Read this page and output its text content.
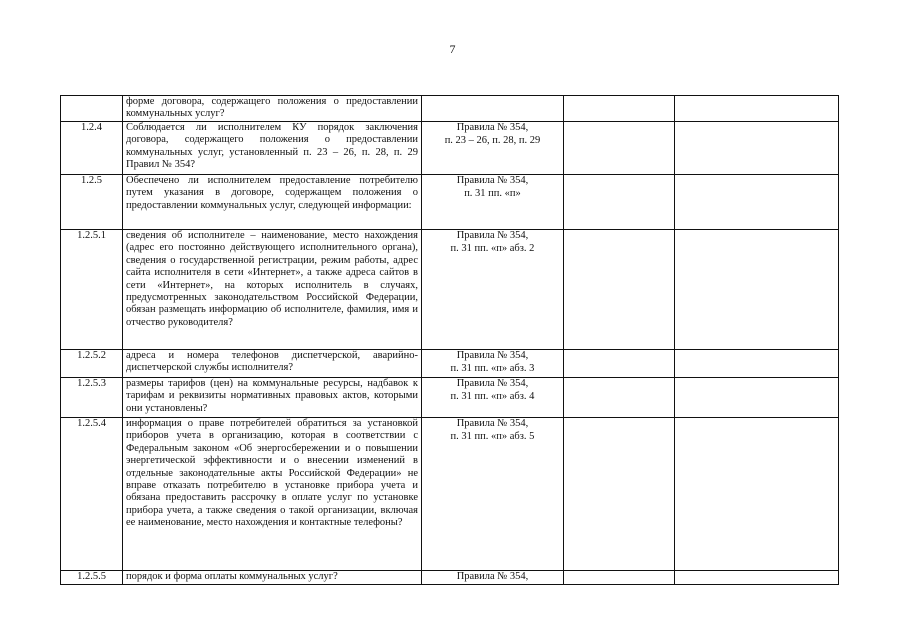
7
	форме договора, содержащего положения о предоставлении коммунальных услуг?			
1.2.4	Соблюдается ли исполнителем КУ порядок заключения договора, содержащего положения о предоставлении коммунальных услуг, установленный п. 23 – 26, п. 28, п. 29 Правил № 354?	Правила № 354,
п. 23 – 26, п. 28, п. 29		

1.2.5	Обеспечено ли исполнителем предоставление потребителю путем указания в договоре, содержащем положения о предоставлении коммунальных услуг, следующей информации:	Правила № 354,
п. 31 пп. «п»		

1.2.5.1	сведения об исполнителе – наименование, место нахождения (адрес его постоянно действующего исполнительного органа), сведения о государственной регистрации, режим работы, адрес сайта исполнителя в сети «Интернет», а также адреса сайтов в сети «Интернет», на которых исполнитель в случаях, предусмотренных законодательством Российской Федерации, обязан размещать информацию об исполнителе, фамилия, имя и отчество руководителя?	Правила № 354,
п. 31 пп. «п» абз. 2		

1.2.5.2	адреса и номера телефонов диспетчерской, аварийно-диспетчерской службы исполнителя?	Правила № 354,
п. 31 пп. «п» абз. 3		

1.2.5.3	размеры тарифов (цен) на коммунальные ресурсы, надбавок к тарифам и реквизиты нормативных правовых актов, которыми они установлены?	Правила № 354,
п. 31 пп. «п» абз. 4		

1.2.5.4	информация о праве потребителей обратиться за установкой приборов учета в организацию, которая в соответствии с Федеральным законом «Об энергосбережении и о повышении энергетической эффективности и о внесении изменений в отдельные законодательные акты Российской Федерации» не вправе отказать потребителю в установке прибора учета и обязана предоставить рассрочку в оплате услуг по установке прибора учета, а также сведения о такой организации, включая ее наименование, место нахождения и контактные телефоны?	Правила № 354,
п. 31 пп. «п» абз. 5		

1.2.5.5	порядок и форма оплаты коммунальных услуг?	Правила № 354,		
